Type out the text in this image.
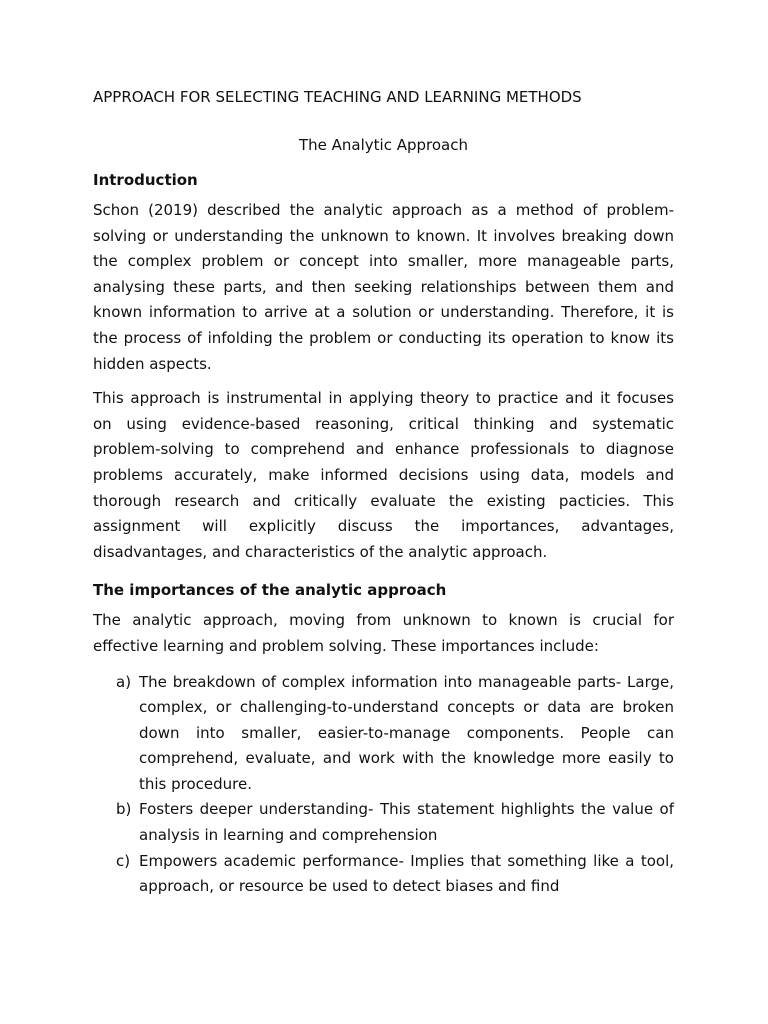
APPROACH FOR SELECTING TEACHING AND LEARNING METHODS

The Analytic Approach

Introduction

Schon (2019) described the analytic approach as a method of problem-solving or understanding the unknown to known. It involves breaking down the complex problem or concept into smaller, more manageable parts, analysing these parts, and then seeking relationships between them and known information to arrive at a solution or understanding. Therefore, it is the process of infolding the problem or conducting its operation to know its hidden aspects.

This approach is instrumental in applying theory to practice and it focuses on using evidence-based reasoning, critical thinking and systematic problem-solving to comprehend and enhance professionals to diagnose problems accurately, make informed decisions using data, models and thorough research and critically evaluate the existing pacticies. This assignment will explicitly discuss the importances, advantages, disadvantages, and characteristics of the analytic approach.

The importances of the analytic approach

The analytic approach, moving from unknown to known is crucial for effective learning and problem solving. These importances include:

a) The breakdown of complex information into manageable parts- Large, complex, or challenging-to-understand concepts or data are broken down into smaller, easier-to-manage components. People can comprehend, evaluate, and work with the knowledge more easily to this procedure.
b) Fosters deeper understanding- This statement highlights the value of analysis in learning and comprehension
c) Empowers academic performance- Implies that something like a tool, approach, or resource be used to detect biases and find
